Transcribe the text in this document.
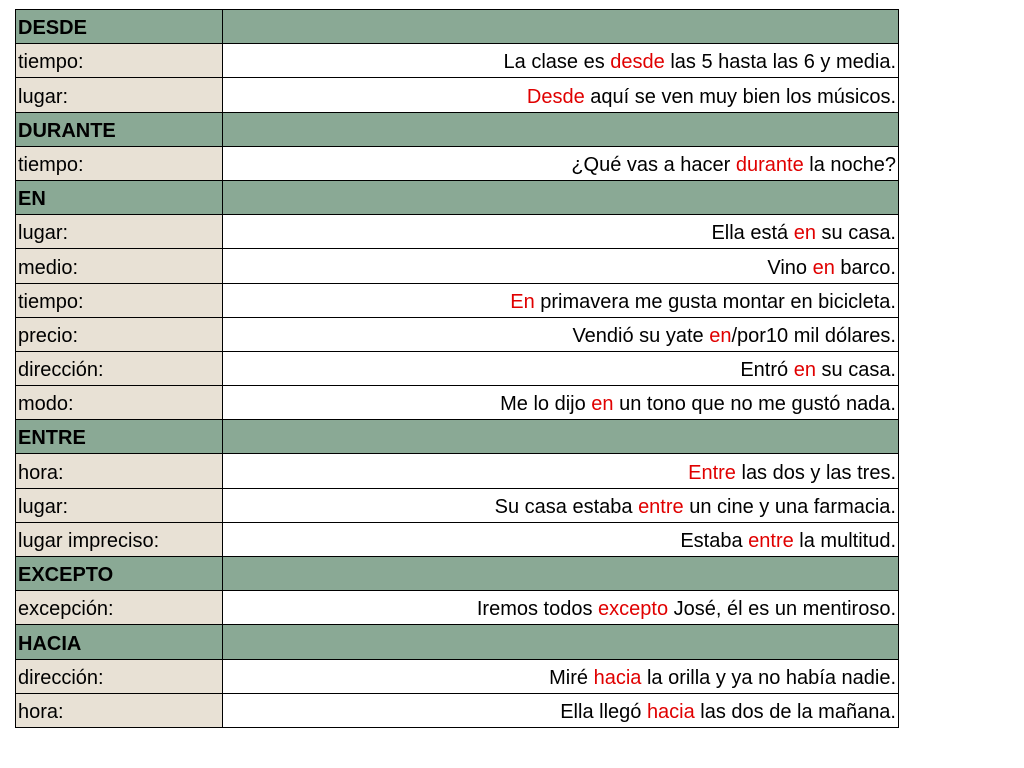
DESDE	
tiempo:	La clase es desde las 5 hasta las 6 y media.
lugar:	Desde aquí se ven muy bien los músicos.
DURANTE	
tiempo:	¿Qué vas a hacer durante la noche?
EN	
lugar:	Ella está en su casa.
medio:	Vino en barco.
tiempo:	En primavera me gusta montar en bicicleta.
precio:	Vendió su yate en/por10 mil dólares.
dirección:	Entró en su casa.
modo:	Me lo dijo en un tono que no me gustó nada.
ENTRE	
hora:	Entre las dos y las tres.
lugar:	Su casa estaba entre un cine y una farmacia.
lugar impreciso:	Estaba entre la multitud.
EXCEPTO	
excepción:	Iremos todos excepto José, él es un mentiroso.
HACIA	
dirección:	Miré hacia la orilla y ya no había nadie.
hora:	Ella llegó hacia las dos de la mañana.
